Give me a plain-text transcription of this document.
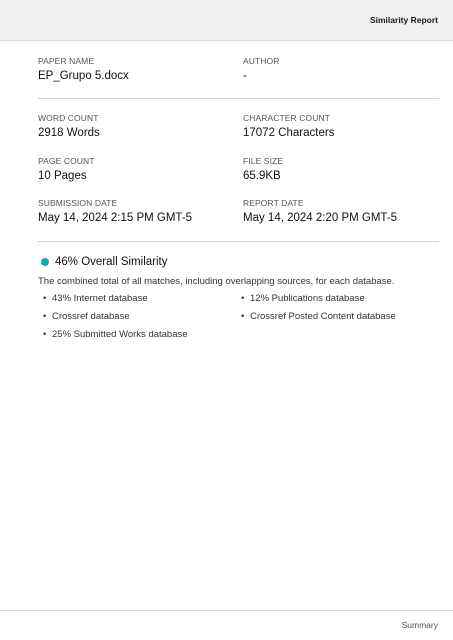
Similarity Report
PAPER NAME
EP_Grupo 5.docx
AUTHOR
-
WORD COUNT
2918 Words
CHARACTER COUNT
17072 Characters
PAGE COUNT
10 Pages
FILE SIZE
65.9KB
SUBMISSION DATE
May 14, 2024 2:15 PM GMT-5
REPORT DATE
May 14, 2024 2:20 PM GMT-5
46% Overall Similarity
The combined total of all matches, including overlapping sources, for each database.
• 43% Internet database	• 12% Publications database
• Crossref database	• Crossref Posted Content database
• 25% Submitted Works database
Summary
